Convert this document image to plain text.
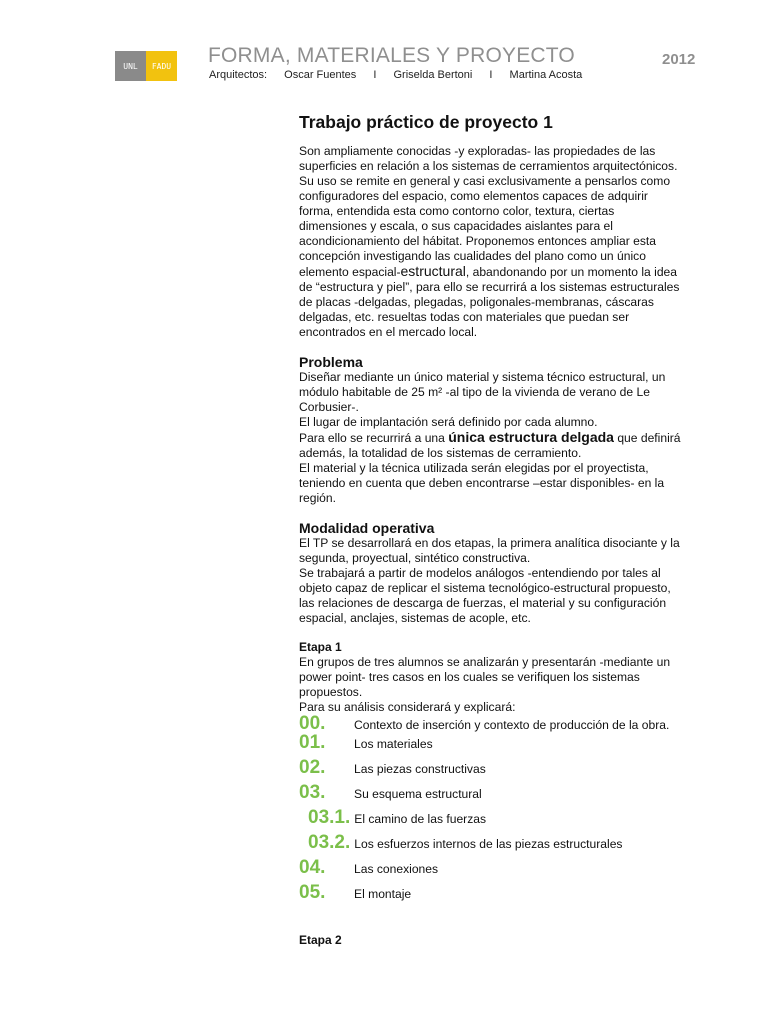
UNL	FADU FORMA, MATERIALES Y PROYECTO	2012
Arquitectos: Oscar Fuentes I Griselda Bertoni I Martina Acosta
Trabajo práctico de proyecto 1

Son ampliamente conocidas -y exploradas- las propiedades de las superficies en relación a los sistemas de cerramientos arquitectónicos. Su uso se remite en general y casi exclusivamente a pensarlos como configuradores del espacio, como elementos capaces de adquirir forma, entendida esta como contorno color, textura, ciertas dimensiones y escala, o sus capacidades aislantes para el acondicionamiento del hábitat. Proponemos entonces ampliar esta concepción investigando las cualidades del plano como un único elemento espacial-estructural, abandonando por un momento la idea de “estructura y piel”, para ello se recurrirá a los sistemas estructurales de placas -delgadas, plegadas, poligonales-membranas, cáscaras delgadas, etc. resueltas todas con materiales que puedan ser encontrados en el mercado local.

Problema

Diseñar mediante un único material y sistema técnico estructural, un módulo habitable de 25 m² -al tipo de la vivienda de verano de Le Corbusier-.

El lugar de implantación será definido por cada alumno.

Para ello se recurrirá a una única estructura delgada que definirá además, la totalidad de los sistemas de cerramiento.

El material y la técnica utilizada serán elegidas por el proyectista, teniendo en cuenta que deben encontrarse –estar disponibles- en la región.

Modalidad operativa

El TP se desarrollará en dos etapas, la primera analítica disociante y la segunda, proyectual, sintético constructiva.

Se trabajará a partir de modelos análogos -entendiendo por tales al objeto capaz de replicar el sistema tecnológico-estructural propuesto, las relaciones de descarga de fuerzas, el material y su configuración espacial, anclajes, sistemas de acople, etc.

Etapa 1

En grupos de tres alumnos se analizarán y presentarán -mediante un power point- tres casos en los cuales se verifiquen los sistemas propuestos.

Para su análisis considerará y explicará:

00. Contexto de inserción y contexto de producción de la obra.
01.	Los materiales
02.	Las piezas constructivas
03.	Su esquema estructural
03.1. El camino de las fuerzas
03.2. Los esfuerzos internos de las piezas estructurales
04.	Las conexiones
05.	El montaje
Etapa 2
